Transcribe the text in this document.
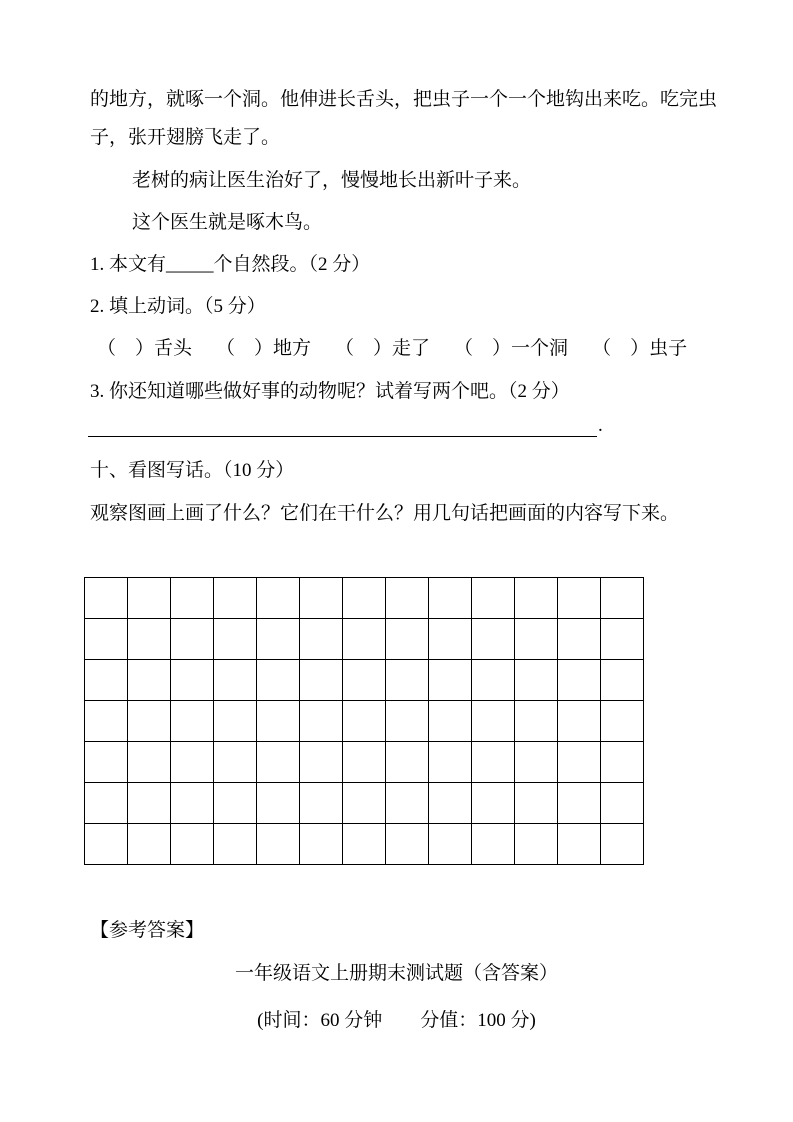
的地方，就啄一个洞。他伸进长舌头，把虫子一个一个地钩出来吃。吃完虫
子，张开翅膀飞走了。
老树的病让医生治好了，慢慢地长出新叶子来。
这个医生就是啄木鸟。
1. 本文有_____个自然段。（2 分）
2. 填上动词。（5 分）
（　）舌头 （　）地方 （　）走了 （　）一个洞 （　）虫子
3. 你还知道哪些做好事的动物呢？试着写两个吧。（2 分）
.
十、看图写话。（10 分）
观察图画上画了什么？它们在干什么？用几句话把画面的内容写下来。

【参考答案】
一年级语文上册期末测试题（含答案）
(时间：60 分钟　　分值：100 分)
